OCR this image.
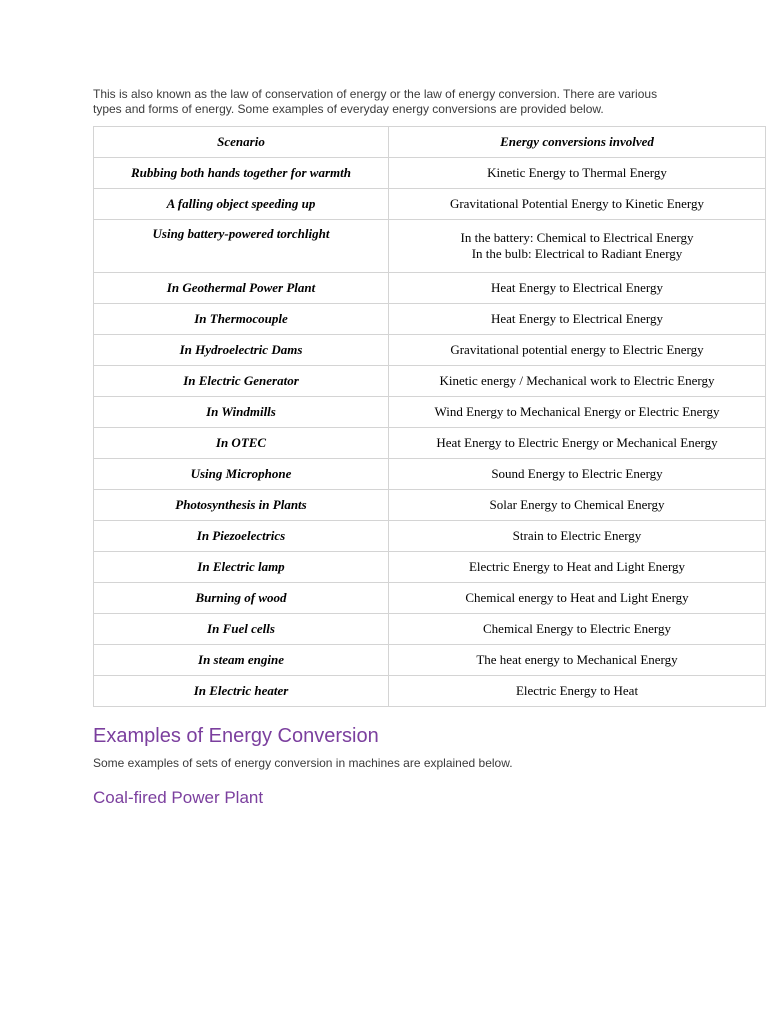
This is also known as the law of conservation of energy or the law of energy conversion. There are various types and forms of energy. Some examples of everyday energy conversions are provided below.

Scenario	Energy conversions involved
Rubbing both hands together for warmth	Kinetic Energy to Thermal Energy

A falling object speeding up	Gravitational Potential Energy to Kinetic Energy

Using battery-powered torchlight	In the battery: Chemical to Electrical Energy
In the bulb: Electrical to Radiant Energy

In Geothermal Power Plant	Heat Energy to Electrical Energy

In Thermocouple	Heat Energy to Electrical Energy

In Hydroelectric Dams	Gravitational potential energy to Electric Energy

In Electric Generator	Kinetic energy / Mechanical work to Electric Energy

In Windmills	Wind Energy to Mechanical Energy or Electric Energy

In OTEC	Heat Energy to Electric Energy or Mechanical Energy

Using Microphone	Sound Energy to Electric Energy

Photosynthesis in Plants	Solar Energy to Chemical Energy

In Piezoelectrics	Strain to Electric Energy

In Electric lamp	Electric Energy to Heat and Light Energy

Burning of wood	Chemical energy to Heat and Light Energy

In Fuel cells	Chemical Energy to Electric Energy

In steam engine	The heat energy to Mechanical Energy

In Electric heater	Electric Energy to Heat
Examples of Energy Conversion

Some examples of sets of energy conversion in machines are explained below.

Coal-fired Power Plant
